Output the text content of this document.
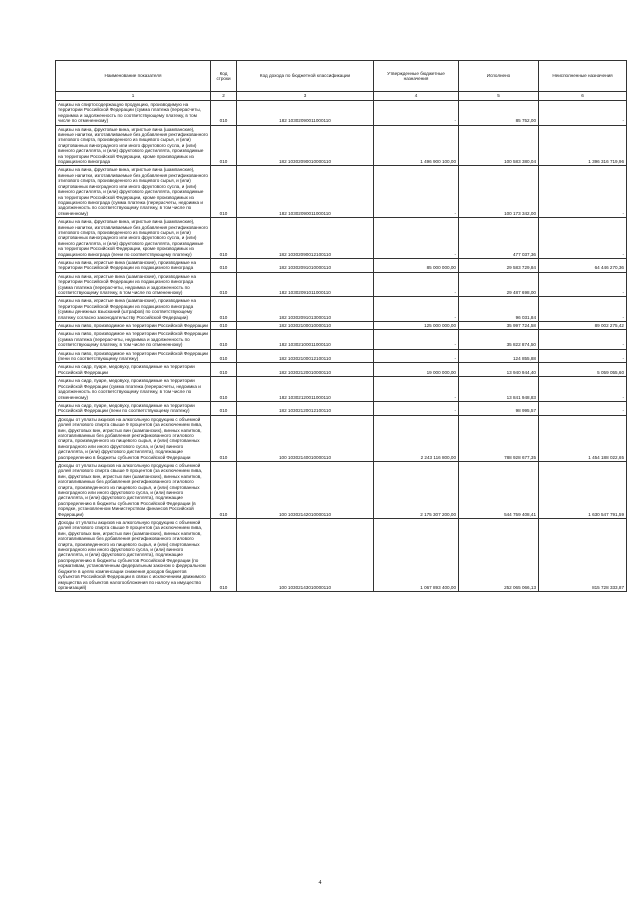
Наименование показателя	Код строки	Код дохода по бюджетной классификации	Утвержденные бюджетные назначения	Исполнено	Неисполненные назначения
1	2	3	4	5	6
Акцизы на спиртосодержащую продукцию, производимую на территории Российской Федерации (сумма платежа (перерасчеты, недоимка и задолженность по соответствующему платежу, в том числе по отмененному)	010	182 10302090011000110	-	85 752,00	-
Акцизы на вина, фруктовые вина, игристые вина (шампанские), винные напитки, изготавливаемые без добавления ректификованного этилового спирта, произведенного из пищевого сырья, и (или) спиртованных виноградного или иного фруктового сусла, и (или) винного дистиллята, и (или) фруктового дистиллята, производимые на территории Российской Федерации, кроме производимых из подакцизного винограда	010	182 10302090010000110	1 496 900 100,00	100 583 380,04	1 396 316 719,96
Акцизы на вина, фруктовые вина, игристые вина (шампанские), винные напитки, изготавливаемые без добавления ректификованного этилового спирта, произведенного из пищевого сырья, и (или) спиртованных виноградного или иного фруктового сусла, и (или) винного дистиллята, и (или) фруктового дистиллята, производимые на территории Российской Федерации, кроме производимых из подакцизного винограда (сумма платежа (перерасчеты, недоимка и задолженность по соответствующему платежу, в том числе по отмененному)	010	182 10302090011000110	-	100 173 342,00	-
Акцизы на вина, фруктовые вина, игристые вина (шампанские), винные напитки, изготавливаемые без добавления ректификованного этилового спирта, произведенного из пищевого сырья, и (или) спиртованных виноградного или иного фруктового сусла, и (или) винного дистиллята, и (или) фруктового дистиллята, производимые на территории Российской Федерации, кроме производимых из подакцизного винограда (пени по соответствующему платежу)	010	182 10302090012100110	-	477 037,36	-
Акцизы на вина, игристые вина (шампанские), производимые на территории Российской Федерации из подакцизного винограда	010	182 10302091010000110	85 000 000,00	29 583 729,84	64 446 270,36
Акцизы на вина, игристые вина (шампанские), производимые на территории Российской Федерации из подакцизного винограда (сумма платежа (перерасчеты, недоимка и задолженность по соответствующему платежу, в том числе по отмененному)	010	182 10302091011000110	-	29 487 698,00	-
Акцизы на вина, игристые вина (шампанские), производимые на территории Российской Федерации из подакцизного винограда (суммы денежных взысканий (штрафов) по соответствующему платежу согласно законодательству Российской Федерации)	010	182 10302091013000110	-	96 031,84	-
Акцизы на пиво, производимое на территории Российской Федерации	010	182 10302100010000110	125 000 000,00	35 997 724,58	89 002 275,42
Акцизы на пиво, производимое на территории Российской Федерации (сумма платежа (перерасчеты, недоимка и задолженность по соответствующему платежу, в том числе по отмененному)	010	182 10302100011000110	-	35 822 874,50	-
Акцизы на пиво, производимое на территории Российской Федерации (пени по соответствующему платежу)	010	182 10302100012100110	-	124 855,88	-
Акцизы на сидр, пуаре, медовуху, производимые на территории Российской Федерации	010	182 10302120010000110	19 000 000,00	13 940 944,40	5 059 055,60
Акцизы на сидр, пуаре, медовуху, производимые на территории Российской Федерации (сумма платежа (перерасчеты, недоимка и задолженность по соответствующему платежу, в том числе по отмененному)	010	182 10302120011000110	-	13 841 948,83	-
Акцизы на сидр, пуаре, медовуху, производимые на территории Российской Федерации (пени по соответствующему платежу)	010	182 10302120012100110	-	98 995,57	-
Доходы от уплаты акцизов на алкогольную продукцию с объемной долей этилового спирта свыше 9 процентов (за исключением пива, вин, фруктовых вин, игристых вин (шампанских), винных напитков, изготавливаемых без добавления ректификованного этилового спирта, произведенного из пищевого сырья, и (или) спиртованных виноградного или иного фруктового сусла, и (или) винного дистиллята, и (или) фруктового дистиллята), подлежащие распределению в бюджеты субъектов Российской Федерации	010	100 10302140010000110	2 243 116 800,00	788 928 677,35	1 454 188 022,65
Доходы от уплаты акцизов на алкогольную продукцию с объемной долей этилового спирта свыше 9 процентов (за исключением пива, вин, фруктовых вин, игристых вин (шампанских), винных напитков, изготавливаемых без добавления ректификованного этилового спирта, произведенного из пищевого сырья, и (или) спиртованных виноградного или иного фруктового сусла, и (или) винного дистиллята, и (или) фруктового дистиллята), подлежащие распределению в бюджеты субъектов Российской Федерации (в порядке, установленном Министерством финансов Российской Федерации)	010	100 10302142010000110	2 175 307 200,00	544 759 408,41	1 630 547 791,59
Доходы от уплаты акцизов на алкогольную продукцию с объемной долей этилового спирта свыше 9 процентов (за исключением пива, вин, фруктовых вин, игристых вин (шампанских), винных напитков, изготавливаемых без добавления ректификованного этилового спирта, произведенного из пищевого сырья, и (или) спиртованных виноградного или иного фруктового сусла, и (или) винного дистиллята, и (или) фруктового дистиллята), подлежащие распределению в бюджеты субъектов Российской Федерации (по нормативам, установленным федеральным законом о федеральном бюджете в целях компенсации снижения доходов бюджетов субъектов Российской Федерации в связи с исключением движимого имущества из объектов налогообложения по налогу на имущество организаций)	010	100 10302143010000110	1 067 893 400,00	252 065 066,13	815 728 333,87
4
